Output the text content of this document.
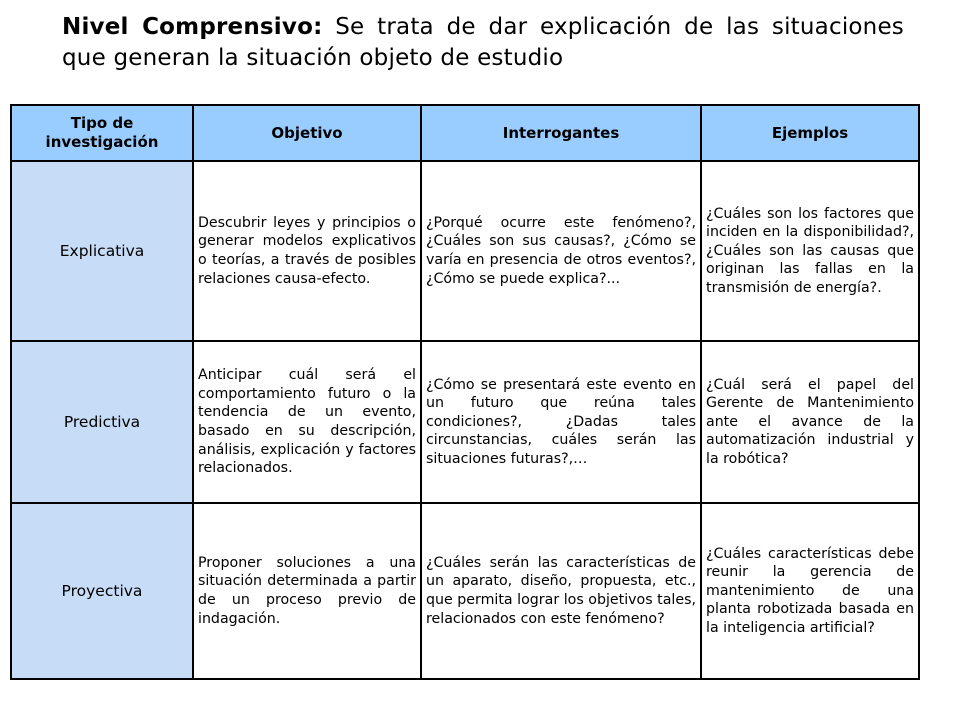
Nivel Comprensivo: Se trata de dar explicación de las situaciones que generan la situación objeto de estudio
Tipo de investigación	Objetivo	Interrogantes	Ejemplos
Explicativa	Descubrir leyes y principios o generar modelos explicativos o teorías, a través de posibles relaciones causa-efecto.	¿Porqué ocurre este fenómeno?, ¿Cuáles son sus causas?, ¿Cómo se varía en presencia de otros eventos?, ¿Cómo se puede explica?...	¿Cuáles son los factores que inciden en la disponibilidad?, ¿Cuáles son las causas que originan las fallas en la transmisión de energía?.
Predictiva	Anticipar cuál será el comportamiento futuro o la tendencia de un evento, basado en su descripción, análisis, explicación y factores relacionados.	¿Cómo se presentará este evento en un futuro que reúna tales condiciones?, ¿Dadas tales circunstancias, cuáles serán las situaciones futuras?,…	¿Cuál será el papel del Gerente de Mantenimiento ante el avance de la automatización industrial y la robótica?
Proyectiva	Proponer soluciones a una situación determinada a partir de un proceso previo de indagación.	¿Cuáles serán las características de un aparato, diseño, propuesta, etc., que permita lograr los objetivos tales, relacionados con este fenómeno?	¿Cuáles características debe reunir la gerencia de mantenimiento de una planta robotizada basada en la inteligencia artificial?
